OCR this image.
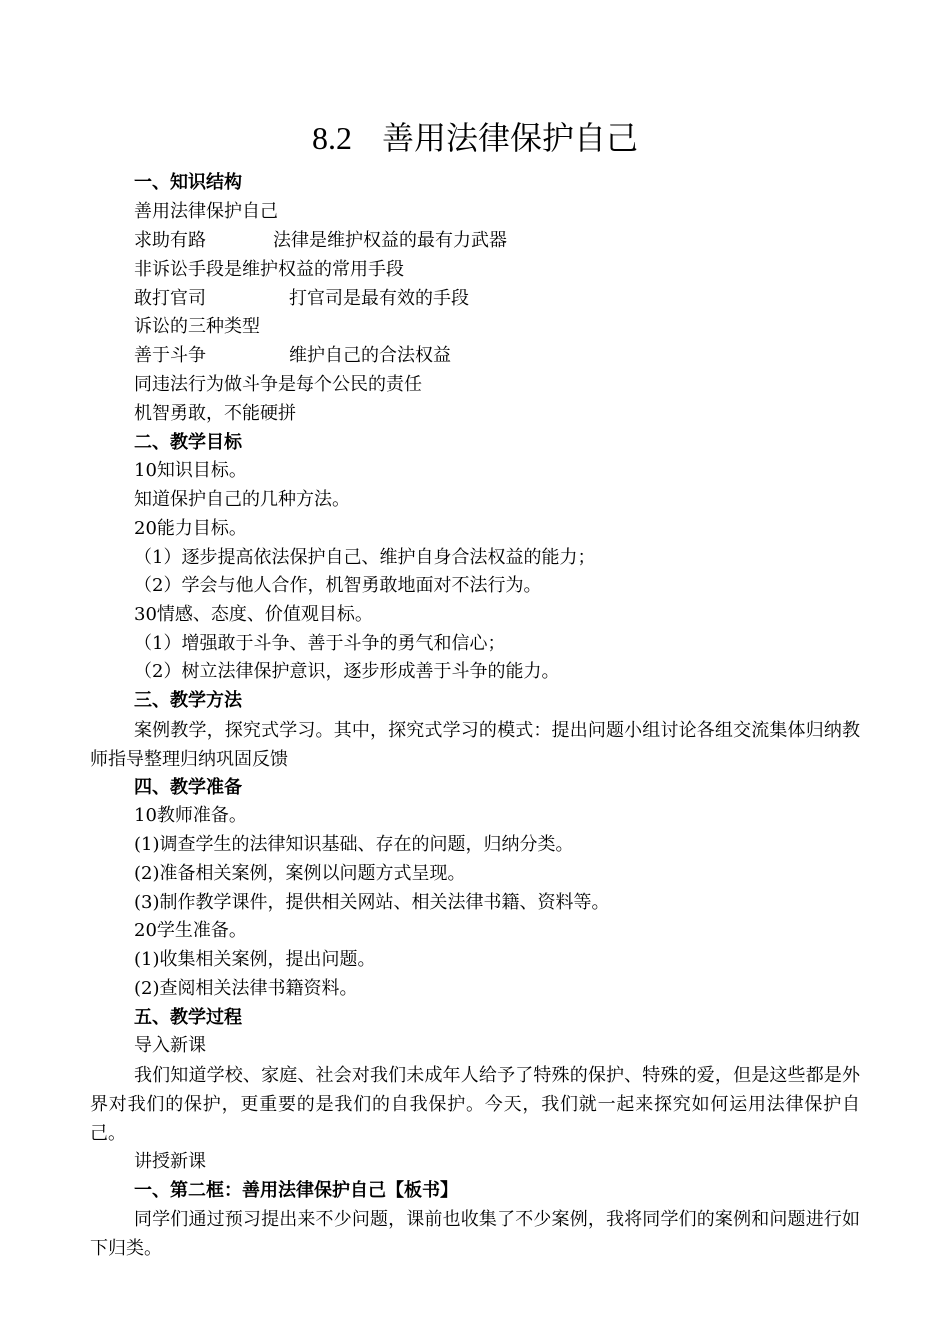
8.2 善用法律保护自己
一、知识结构
善用法律保护自己
求助有路	法律是维护权益的最有力武器
非诉讼手段是维护权益的常用手段
敢打官司	打官司是最有效的手段
诉讼的三种类型
善于斗争	维护自己的合法权益
同违法行为做斗争是每个公民的责任
机智勇敢，不能硬拼
二、教学目标
10知识目标。
知道保护自己的几种方法。
20能力目标。
（1）逐步提高依法保护自己、维护自身合法权益的能力；
（2）学会与他人合作，机智勇敢地面对不法行为。
30情感、态度、价值观目标。
（1）增强敢于斗争、善于斗争的勇气和信心；
（2）树立法律保护意识，逐步形成善于斗争的能力。
三、教学方法
案例教学，探究式学习。其中，探究式学习的模式：提出问题小组讨论各组交流集体归纳教师指导整理归纳巩固反馈
四、教学准备
10教师准备。
(1)调查学生的法律知识基础、存在的问题，归纳分类。
(2)准备相关案例，案例以问题方式呈现。
(3)制作教学课件，提供相关网站、相关法律书籍、资料等。
20学生准备。
(1)收集相关案例，提出问题。
(2)查阅相关法律书籍资料。
五、教学过程
导入新课
我们知道学校、家庭、社会对我们未成年人给予了特殊的保护、特殊的爱，但是这些都是外界对我们的保护，更重要的是我们的自我保护。今天，我们就一起来探究如何运用法律保护自己。
讲授新课
一、第二框：善用法律保护自己【板书】
同学们通过预习提出来不少问题，课前也收集了不少案例，我将同学们的案例和问题进行如下归类。
